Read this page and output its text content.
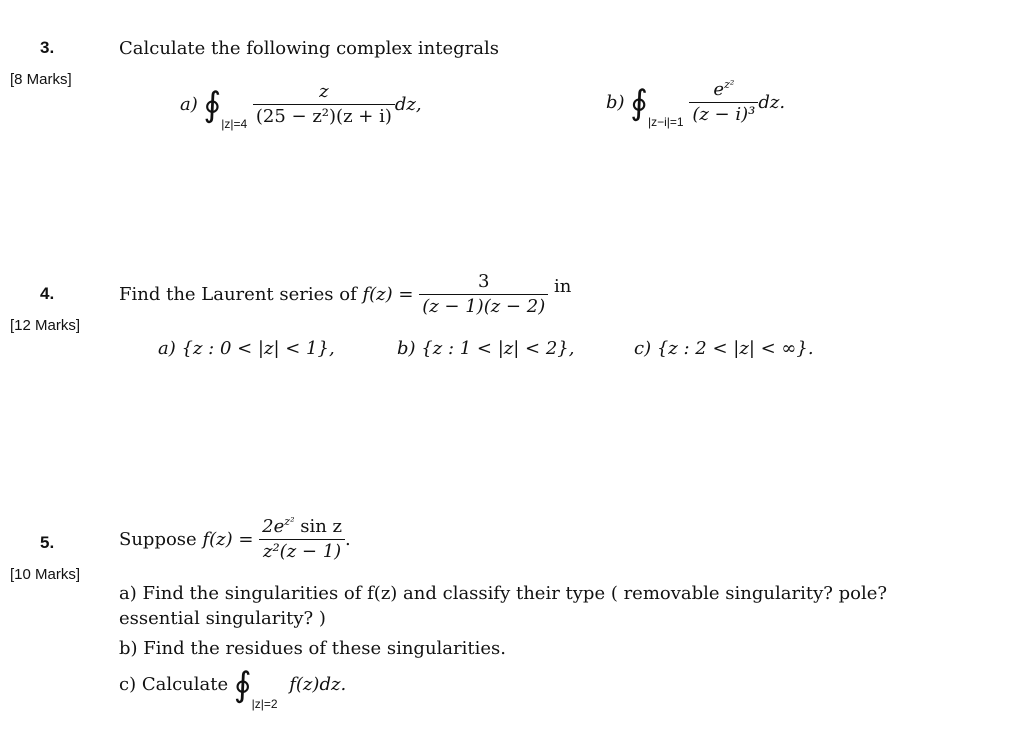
3.
[8 Marks]
Calculate the following complex integrals
a) $∮_{|z|=4} \frac{z}{\text{(25 − z²)(z + i)}}$ dz,	b) $∮_{|z-i|=1} \frac{e^{z^2}}{\text{(z − i)³}}$ dz.
4.
[12 Marks]
Find the Laurent series of $f(z) = \frac{3}{(z - 1)(z - 2)}$ in
a) {z : 0 < |z| < 1},	b) {z : 1 < |z| < 2},	c) {z : 2 < |z| < ∞}.
5.
[10 Marks]
Suppose $f(z) = \frac{2e^{z^2} \sin z}{\text{z²(z − 1)}}$ .
a) Find the singularities of f(z) and classify their type ( removable singularity? pole?
essential singularity? )
b) Find the residues of these singularities.
c) Calculate $∮_{|z|=2}$ f(z)dz.
